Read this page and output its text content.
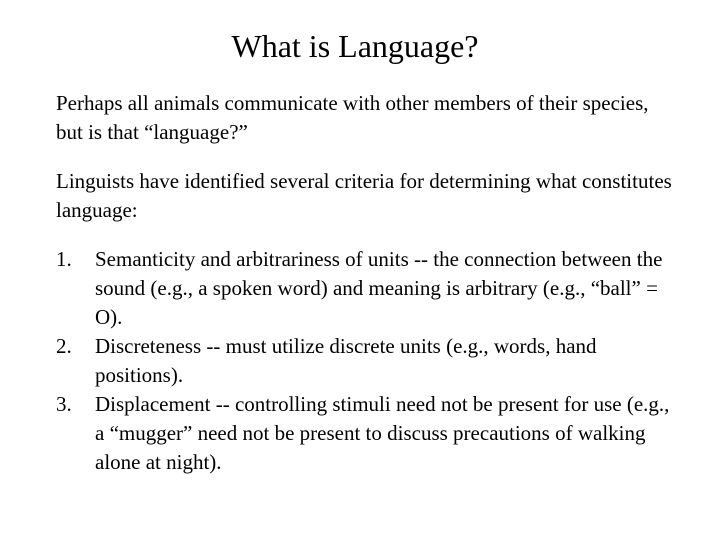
What is Language?

Perhaps all animals communicate with other members of their species, but is that “language?”

Linguists have identified several criteria for determining what constitutes language:

1. Semanticity and arbitrariness of units -- the connection between the sound (e.g., a spoken word) and meaning is arbitrary (e.g., “ball” = O).
2. Discreteness -- must utilize discrete units (e.g., words, hand positions).
3. Displacement -- controlling stimuli need not be present for use (e.g., a “mugger” need not be present to discuss precautions of walking alone at night).
